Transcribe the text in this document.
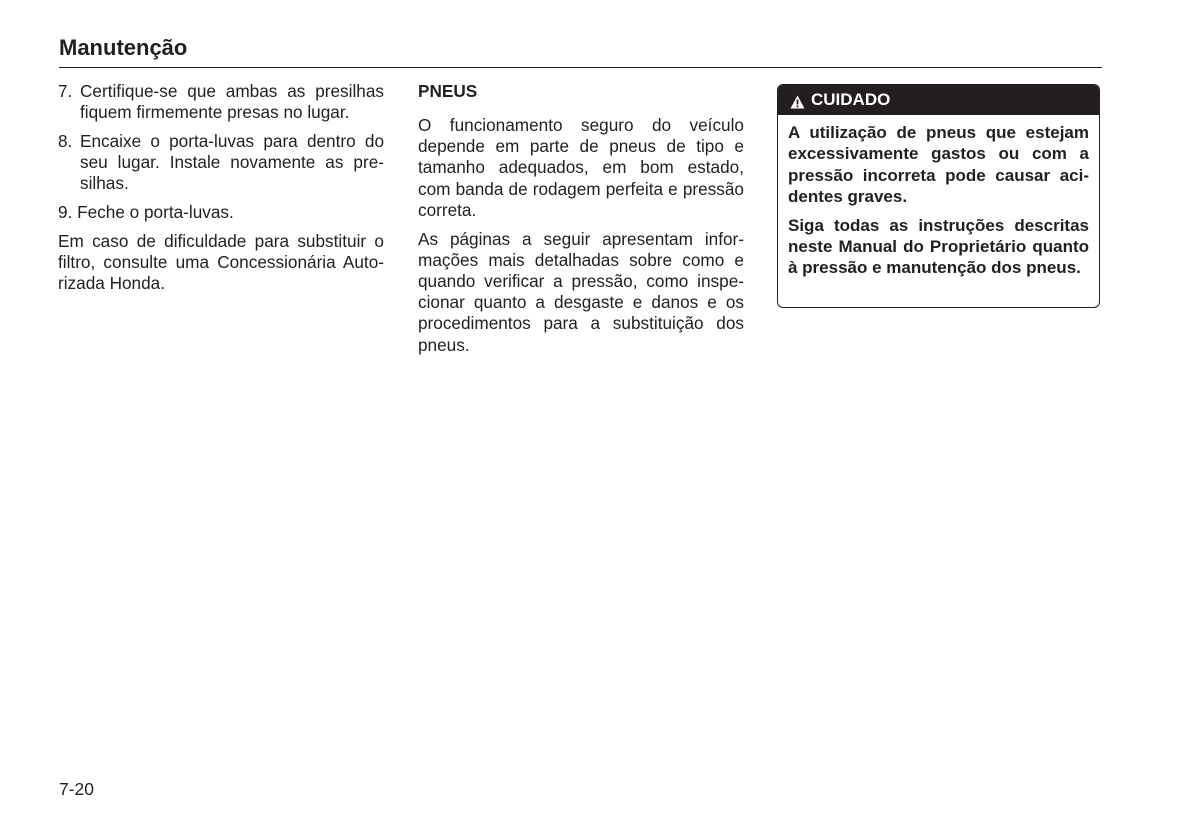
Manutenção
7. Certifique-se que ambas as presilhas fiquem firmemente presas no lugar.
8. Encaixe o porta-luvas para dentro do seu lugar. Instale novamente as presilhas.
9. Feche o porta-luvas.

Em caso de dificuldade para substituir o filtro, consulte uma Concessionária Autorizada Honda.

PNEUS

O funcionamento seguro do veículo depende em parte de pneus de tipo e tamanho adequados, em bom estado, com banda de rodagem perfeita e pressão correta.

As páginas a seguir apresentam informações mais detalhadas sobre como e quando verificar a pressão, como inspecionar quanto a desgaste e danos e os procedimentos para a substituição dos pneus.

CUIDADO

A utilização de pneus que estejam excessivamente gastos ou com a pressão incorreta pode causar acidentes graves.

Siga todas as instruções descritas neste Manual do Proprietário quanto à pressão e manutenção dos pneus.

7-20
